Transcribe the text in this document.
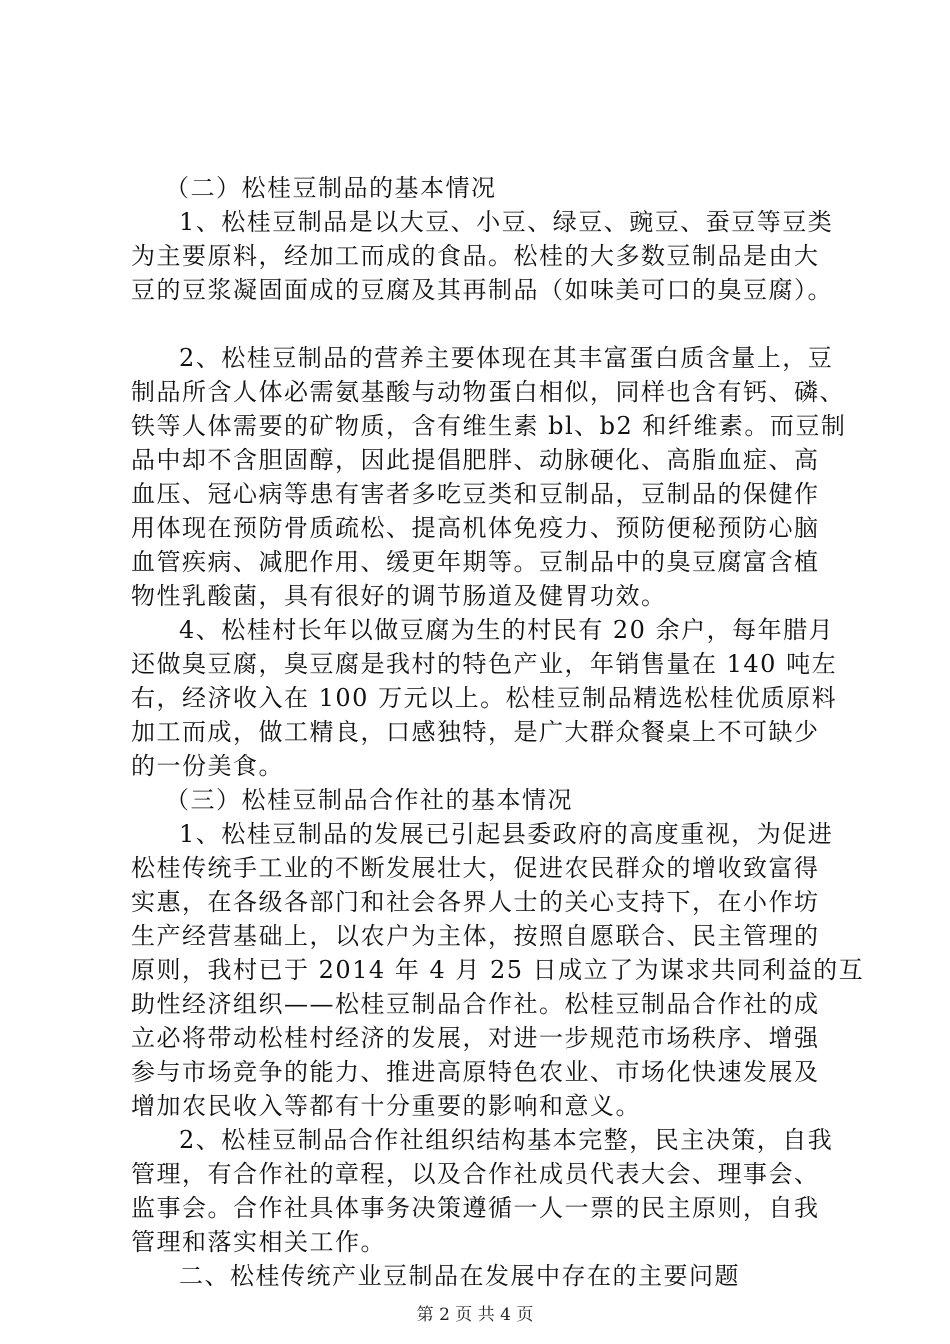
（二）松桂豆制品的基本情况
1、松桂豆制品是以大豆、小豆、绿豆、豌豆、蚕豆等豆类
为主要原料，经加工而成的食品。松桂的大多数豆制品是由大
豆的豆浆凝固面成的豆腐及其再制品（如味美可口的臭豆腐）。
2、松桂豆制品的营养主要体现在其丰富蛋白质含量上，豆
制品所含人体必需氨基酸与动物蛋白相似，同样也含有钙、磷、
铁等人体需要的矿物质，含有维生素 bl、b2 和纤维素。而豆制
品中却不含胆固醇，因此提倡肥胖、动脉硬化、高脂血症、高
血压、冠心病等患有害者多吃豆类和豆制品，豆制品的保健作
用体现在预防骨质疏松、提高机体免疫力、预防便秘预防心脑
血管疾病、减肥作用、缓更年期等。豆制品中的臭豆腐富含植
物性乳酸菌，具有很好的调节肠道及健胃功效。
4、松桂村长年以做豆腐为生的村民有 20 余户，每年腊月
还做臭豆腐，臭豆腐是我村的特色产业，年销售量在 140 吨左
右，经济收入在 100 万元以上。松桂豆制品精选松桂优质原料
加工而成，做工精良，口感独特，是广大群众餐桌上不可缺少
的一份美食。
（三）松桂豆制品合作社的基本情况
1、松桂豆制品的发展已引起县委政府的高度重视，为促进
松桂传统手工业的不断发展壮大，促进农民群众的增收致富得
实惠，在各级各部门和社会各界人士的关心支持下，在小作坊
生产经营基础上，以农户为主体，按照自愿联合、民主管理的
原则，我村已于 2014 年 4 月 25 日成立了为谋求共同利益的互
助性经济组织——松桂豆制品合作社。松桂豆制品合作社的成
立必将带动松桂村经济的发展，对进一步规范市场秩序、增强
参与市场竞争的能力、推进高原特色农业、市场化快速发展及
增加农民收入等都有十分重要的影响和意义。
2、松桂豆制品合作社组织结构基本完整，民主决策，自我
管理，有合作社的章程，以及合作社成员代表大会、理事会、
监事会。合作社具体事务决策遵循一人一票的民主原则，自我
管理和落实相关工作。
二、松桂传统产业豆制品在发展中存在的主要问题
第 2 页 共 4 页
